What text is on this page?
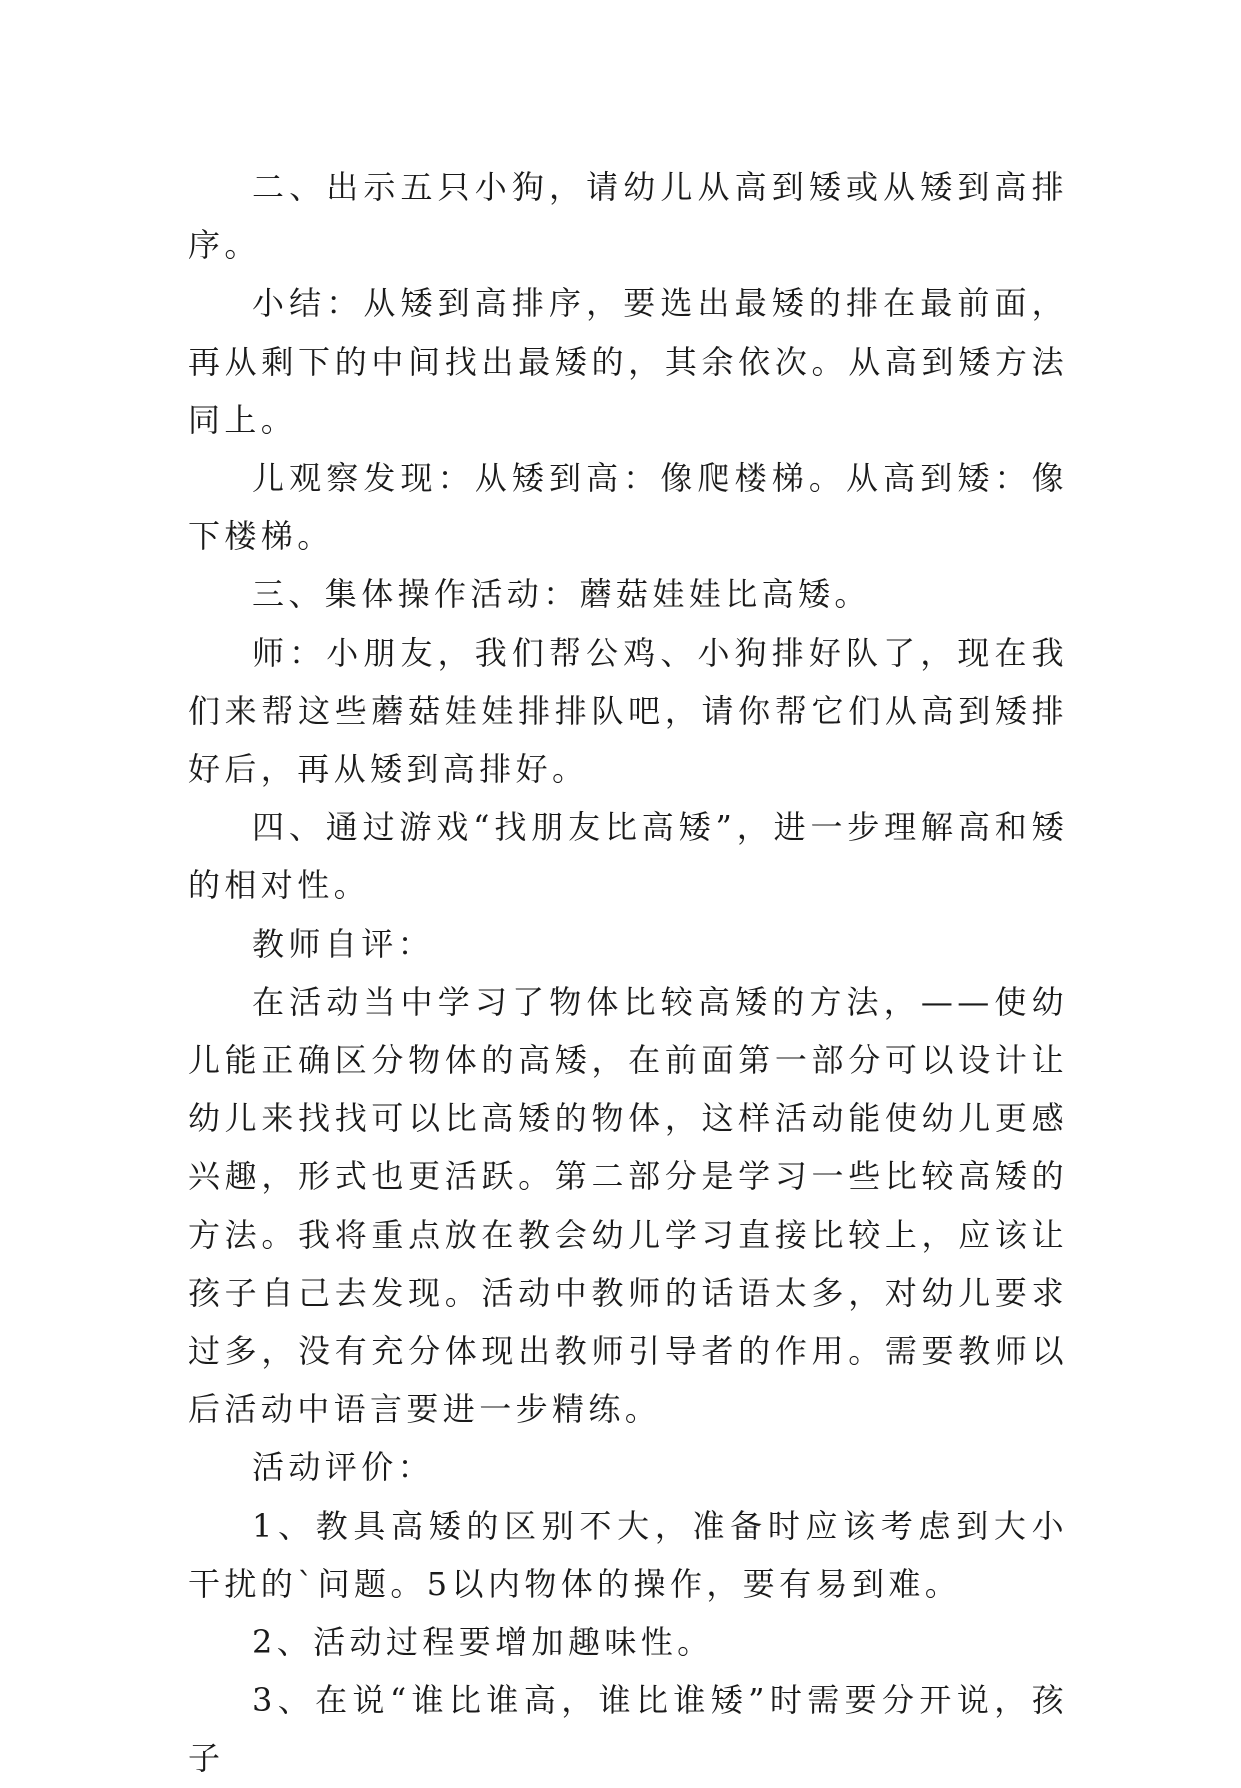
二、出示五只小狗，请幼儿从高到矮或从矮到高排序。

小结：从矮到高排序，要选出最矮的排在最前面，再从剩下的中间找出最矮的，其余依次。从高到矮方法同上。

儿观察发现：从矮到高：像爬楼梯。从高到矮：像下楼梯。

三、集体操作活动：蘑菇娃娃比高矮。

师：小朋友，我们帮公鸡、小狗排好队了，现在我们来帮这些蘑菇娃娃排排队吧，请你帮它们从高到矮排好后，再从矮到高排好。

四、通过游戏“找朋友比高矮”，进一步理解高和矮的相对性。

教师自评：

在活动当中学习了物体比较高矮的方法，——使幼儿能正确区分物体的高矮，在前面第一部分可以设计让幼儿来找找可以比高矮的物体，这样活动能使幼儿更感兴趣，形式也更活跃。第二部分是学习一些比较高矮的方法。我将重点放在教会幼儿学习直接比较上，应该让孩子自己去发现。活动中教师的话语太多，对幼儿要求过多，没有充分体现出教师引导者的作用。需要教师以后活动中语言要进一步精练。

活动评价：

1、教具高矮的区别不大，准备时应该考虑到大小干扰的`问题。5以内物体的操作，要有易到难。

2、活动过程要增加趣味性。

3、在说“谁比谁高，谁比谁矮”时需要分开说，孩子
